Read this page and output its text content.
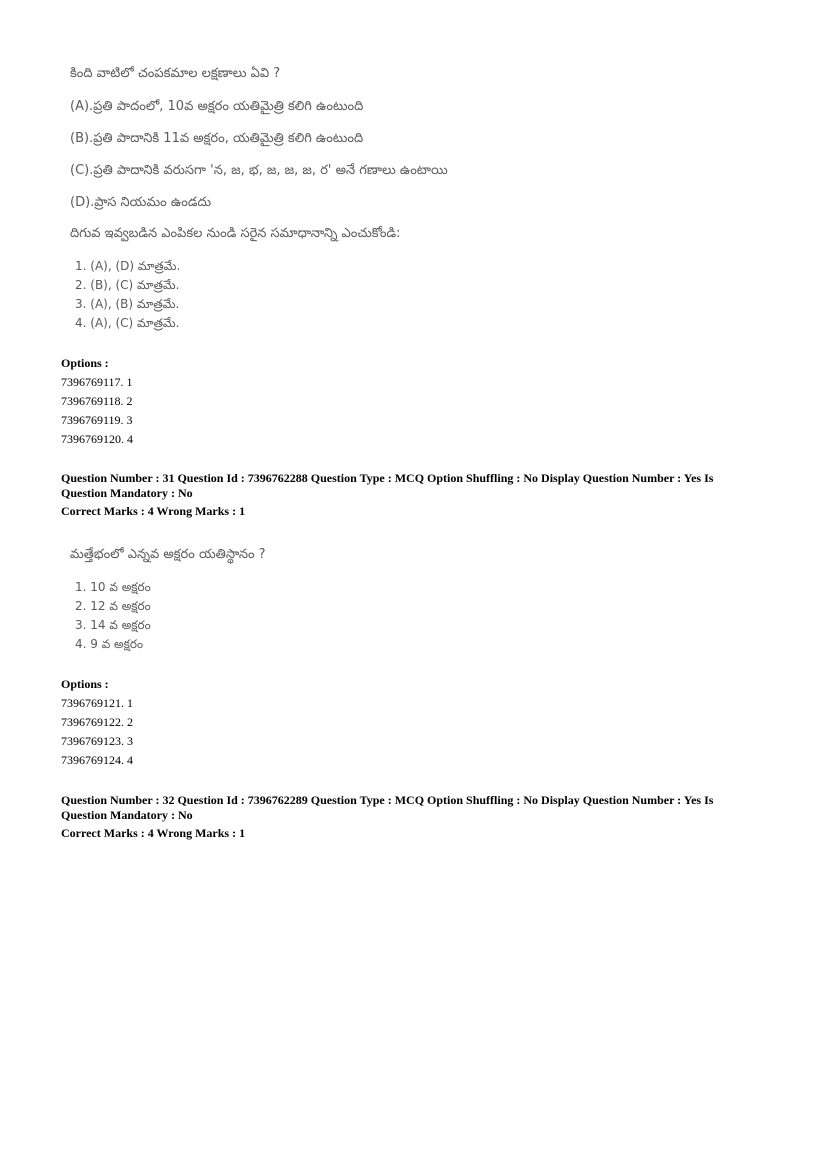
కింది వాటిలో చంపకమాల లక్షణాలు ఏవి ?
(A).ప్రతి పాదంలో, 10వ అక్షరం యతిమైత్రి కలిగి ఉంటుంది
(B).ప్రతి పాదానికి 11వ అక్షరం, యతిమైత్రి కలిగి ఉంటుంది
(C).ప్రతి పాదానికి వరుసగా 'న, జ, భ, జ, జ, జ, ర' అనే గణాలు ఉంటాయి
(D).ప్రాస నియమం ఉండదు
దిగువ ఇవ్వబడిన ఎంపికల నుండి సరైన సమాధానాన్ని ఎంచుకోండి:
1. (A), (D) మాత్రమే.
2. (B), (C) మాత్రమే.
3. (A), (B) మాత్రమే.
4. (A), (C) మాత్రమే.
Options :
7396769117. 1
7396769118. 2
7396769119. 3
7396769120. 4
Question Number : 31 Question Id : 7396762288 Question Type : MCQ Option Shuffling : No Display Question Number : Yes Is
Question Mandatory : No
Correct Marks : 4 Wrong Marks : 1
మత్తేభంలో ఎన్నవ అక్షరం యతిస్థానం ?
1. 10 వ అక్షరం
2. 12 వ అక్షరం
3. 14 వ అక్షరం
4. 9 వ అక్షరం
Options :
7396769121. 1
7396769122. 2
7396769123. 3
7396769124. 4
Question Number : 32 Question Id : 7396762289 Question Type : MCQ Option Shuffling : No Display Question Number : Yes Is
Question Mandatory : No
Correct Marks : 4 Wrong Marks : 1
